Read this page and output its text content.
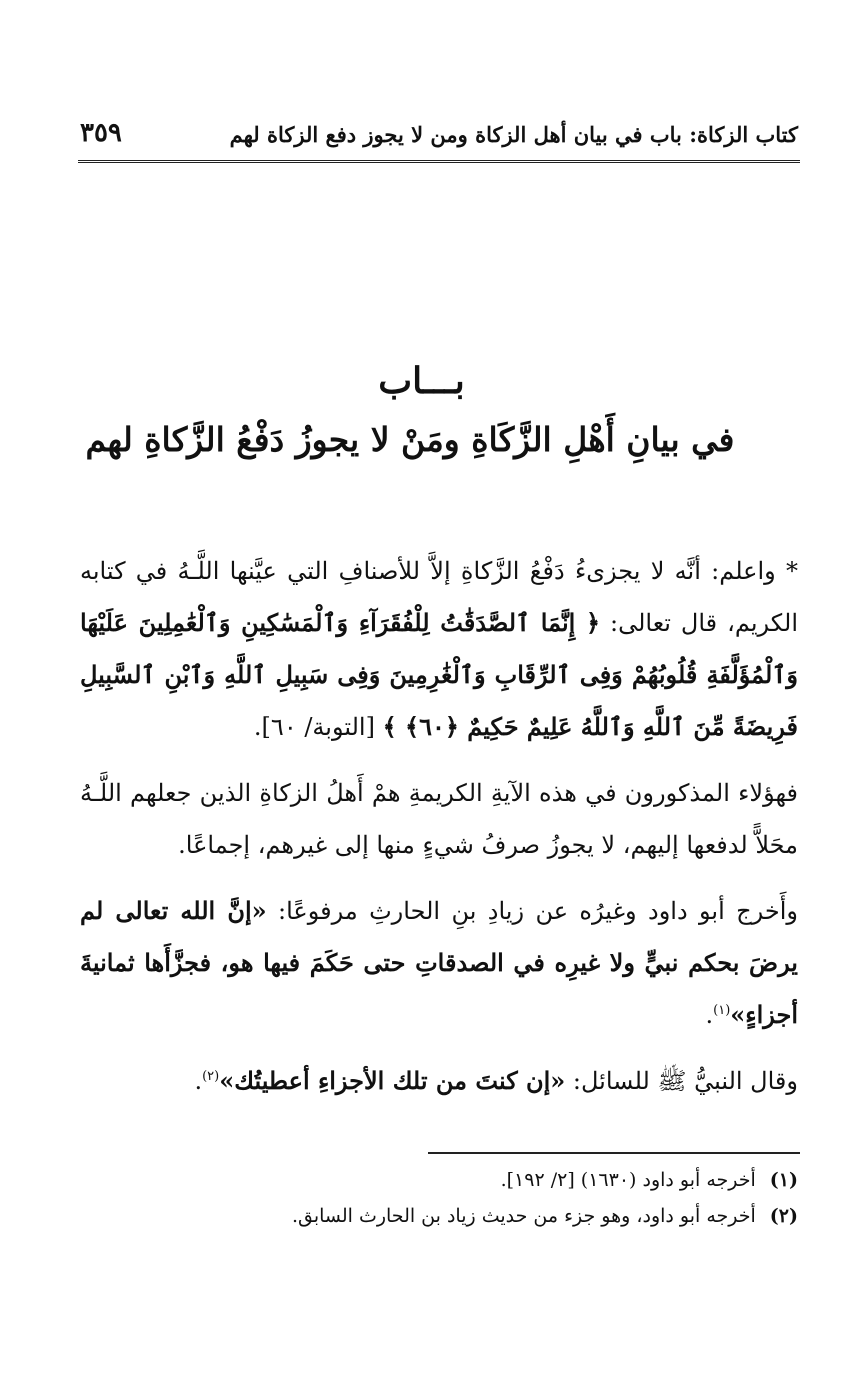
كتاب الزكاة: باب في بيان أهل الزكاة ومن لا يجوز دفع الزكاة لهم
٣٥٩
بـــاب
في بيانِ أَهْلِ الزَّكَاةِ ومَنْ لا يجوزُ دَفْعُ الزَّكاةِ لهم

* واعلم: أنَّه لا يجزىءُ دَفْعُ الزَّكاةِ إلاَّ للأصنافِ التي عيَّنها اللَّـهُ في كتابه الكريم، قال تعالى: ﴿ إِنَّمَا ٱلصَّدَقَٰتُ لِلْفُقَرَآءِ وَٱلْمَسَٰكِينِ وَٱلْعَٰمِلِينَ عَلَيْهَا وَٱلْمُؤَلَّفَةِ قُلُوبُهُمْ وَفِى ٱلرِّقَابِ وَٱلْغَٰرِمِينَ وَفِى سَبِيلِ ٱللَّهِ وَٱبْنِ ٱلسَّبِيلِ فَرِيضَةً مِّنَ ٱللَّهِ وَٱللَّهُ عَلِيمٌ حَكِيمٌ ﴿٦٠﴾ ﴾ [التوبة/ ٦٠].

فهؤلاء المذكورون في هذه الآيةِ الكريمةِ همْ أَهلُ الزكاةِ الذين جعلهم اللَّـهُ محَلاًّ لدفعها إليهم، لا يجوزُ صرفُ شيءٍ منها إلى غيرهم، إجماعًا.

وأَخرج أبو داود وغيرُه عن زيادِ بنِ الحارثِ مرفوعًا: «إنَّ الله تعالى لم يرضَ بحكم نبيٍّ ولا غيرِه في الصدقاتِ حتى حَكَمَ فيها هو، فجزَّأَها ثمانيةَ أجزاءٍ»$^{(١)}$.

وقال النبيُّ ﷺ للسائل: «إن كنتَ من تلك الأجزاءِ أعطيتُك»$^{(٢)}$.

(١)أخرجه أبو داود (١٦٣٠) [٢/ ١٩٢].
(٢)أخرجه أبو داود، وهو جزء من حديث زياد بن الحارث السابق.
